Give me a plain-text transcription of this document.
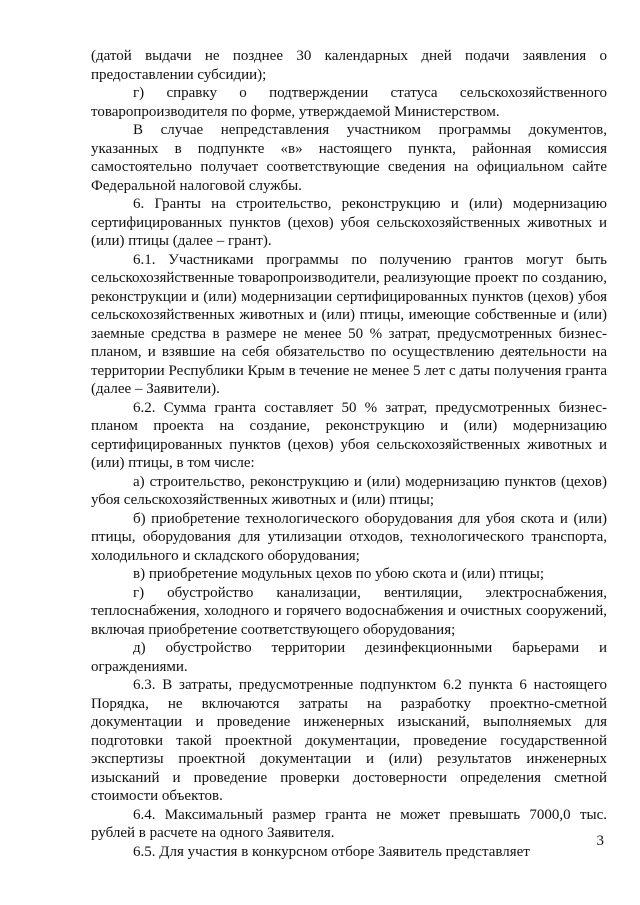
(датой выдачи не позднее 30 календарных дней подачи заявления о предоставлении субсидии);

г) справку о подтверждении статуса сельскохозяйственного товаропроизводителя по форме, утверждаемой Министерством.

В случае непредставления участником программы документов, указанных в подпункте «в» настоящего пункта, районная комиссия самостоятельно получает соответствующие сведения на официальном сайте Федеральной налоговой службы.

6. Гранты на строительство, реконструкцию и (или) модернизацию сертифицированных пунктов (цехов) убоя сельскохозяйственных животных и (или) птицы (далее – грант).

6.1. Участниками программы по получению грантов могут быть сельскохозяйственные товаропроизводители, реализующие проект по созданию, реконструкции и (или) модернизации сертифицированных пунктов (цехов) убоя сельскохозяйственных животных и (или) птицы, имеющие собственные и (или) заемные средства в размере не менее 50 % затрат, предусмотренных бизнес-планом, и взявшие на себя обязательство по осуществлению деятельности на территории Республики Крым в течение не менее 5 лет с даты получения гранта (далее – Заявители).

6.2. Сумма гранта составляет 50 % затрат, предусмотренных бизнес-планом проекта на создание, реконструкцию и (или) модернизацию сертифицированных пунктов (цехов) убоя сельскохозяйственных животных и (или) птицы, в том числе:

а) строительство, реконструкцию и (или) модернизацию пунктов (цехов) убоя сельскохозяйственных животных и (или) птицы;

б) приобретение технологического оборудования для убоя скота и (или) птицы, оборудования для утилизации отходов, технологического транспорта, холодильного и складского оборудования;

в) приобретение модульных цехов по убою скота и (или) птицы;

г) обустройство канализации, вентиляции, электроснабжения, теплоснабжения, холодного и горячего водоснабжения и очистных сооружений, включая приобретение соответствующего оборудования;

д) обустройство территории дезинфекционными барьерами и ограждениями.

6.3. В затраты, предусмотренные подпунктом 6.2 пункта 6 настоящего Порядка, не включаются затраты на разработку проектно-сметной документации и проведение инженерных изысканий, выполняемых для подготовки такой проектной документации, проведение государственной экспертизы проектной документации и (или) результатов инженерных изысканий и проведение проверки достоверности определения сметной стоимости объектов.

6.4. Максимальный размер гранта не может превышать 7000,0 тыс. рублей в расчете на одного Заявителя.

6.5. Для участия в конкурсном отборе Заявитель представляет

3
